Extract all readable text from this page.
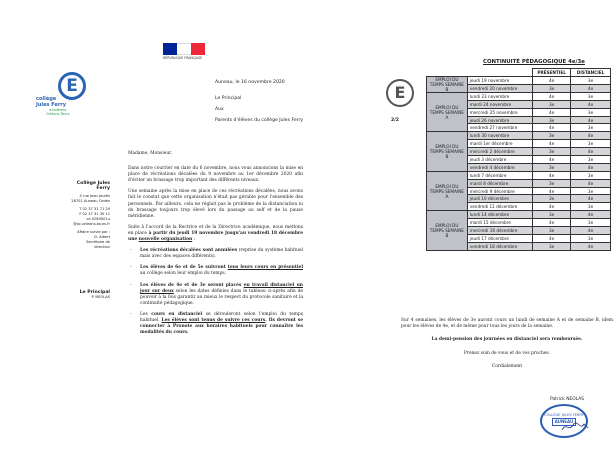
E
collège
Jules Ferry
académie
Orléans-Tours
RÉPUBLIQUE FRANÇAISE
Auneau, le 16 novembre 2020
Le Principal
Aux
Parents d'élèves du collège Jules Ferry
Collège Jules Ferry
4 rue Jean Jaurès
28701 Auneau Cedex
T 02 37 31 71 29
F 02 37 31 30 11
ce.0280001u
@ac-orleans-tours.fr
Affaire suivie par :
D. Albert
Secrétaire de direction
Le Principal
P. NEOLAS

Madame, Monsieur,

Dans notre courrier en date du 6 novembre, nous vous annoncions la mise en place de récréations décalées du 9 novembre au 1er décembre 2020 afin d'éviter un brassage trop important des différents niveaux.

Une semaine après la mise en place de ces récréations décalées, nous avons fait le constat que cette organisation n'était pas gérable pour l'ensemble des personnels. Par ailleurs, cela ne réglait pas le problème de la distanciation ni du brassage toujours trop élevé lors du passage au self et de la pause méridienne.

Suite à l'accord de la Rectrice et de la Directrice académique, nous mettons en place à partir du jeudi 19 novembre jusqu'au vendredi 18 décembre une nouvelle organisation :

- Les récréations décalées sont annulées (reprise du système habituel mais avec des espaces différents).
- Les élèves de 6e et de 5e suivront tous leurs cours en présentiel au collège selon leur emploi du temps.
- Les élèves de 4e et de 3e seront placés en travail distanciel un jour sur deux selon les dates définies dans le tableau ci-après afin de pouvoir à la fois garantir au mieux le respect du protocole sanitaire et la continuité pédagogique.
- Les cours en distanciel se dérouleront selon l'emploi du temps habituel. Les élèves sont tenus de suivre ces cours. Ils devront se connecter à Pronote aux horaires habituels pour connaître les modalités du cours.
E
2/2
CONTINUITÉ PÉDAGOGIQUE 4e/3e
		PRÉSENTIEL	DISTANCIEL
EMPLOI DU TEMPS SEMAINE B	jeudi 19 novembre	4e	3e
	vendredi 20 novembre	3e	4e
EMPLOI DU TEMPS SEMAINE A	lundi 23 novembre	4e	3e
	mardi 24 novembre	3e	4e
	mercredi 25 novembre	4e	3e
	jeudi 26 novembre	3e	4e
	vendredi 27 novembre	4e	3e
EMPLOI DU TEMPS SEMAINE B	lundi 30 novembre	3e	4e
	mardi 1er décembre	4e	3e
	mercredi 2 décembre	3e	4e
	jeudi 3 décembre	4e	3e
	vendredi 4 décembre	3e	4e
EMPLOI DU TEMPS SEMAINE A	lundi 7 décembre	4e	3e
	mardi 8 décembre	3e	4e
	mercredi 9 décembre	4e	3e
	jeudi 10 décembre	3e	4e
	vendredi 11 décembre	4e	3e
EMPLOI DU TEMPS SEMAINE B	lundi 14 décembre	3e	4e
	mardi 15 décembre	4e	3e
	mercredi 16 décembre	3e	4e
	jeudi 17 décembre	4e	3e
	vendredi 18 décembre	3e	4e

Sur 4 semaines, les élèves de 3e auront cours un lundi de semaine A et de semaine B, idem pour les élèves de 4e, et de même pour tous les jours de la semaine.

La demi-pension des journées en distanciel sera remboursée.

Prenez soin de vous et de vos proches.

Cordialement

Patrick NEOLAS
COLLÈGE JULES FERRY
AUNEAU
